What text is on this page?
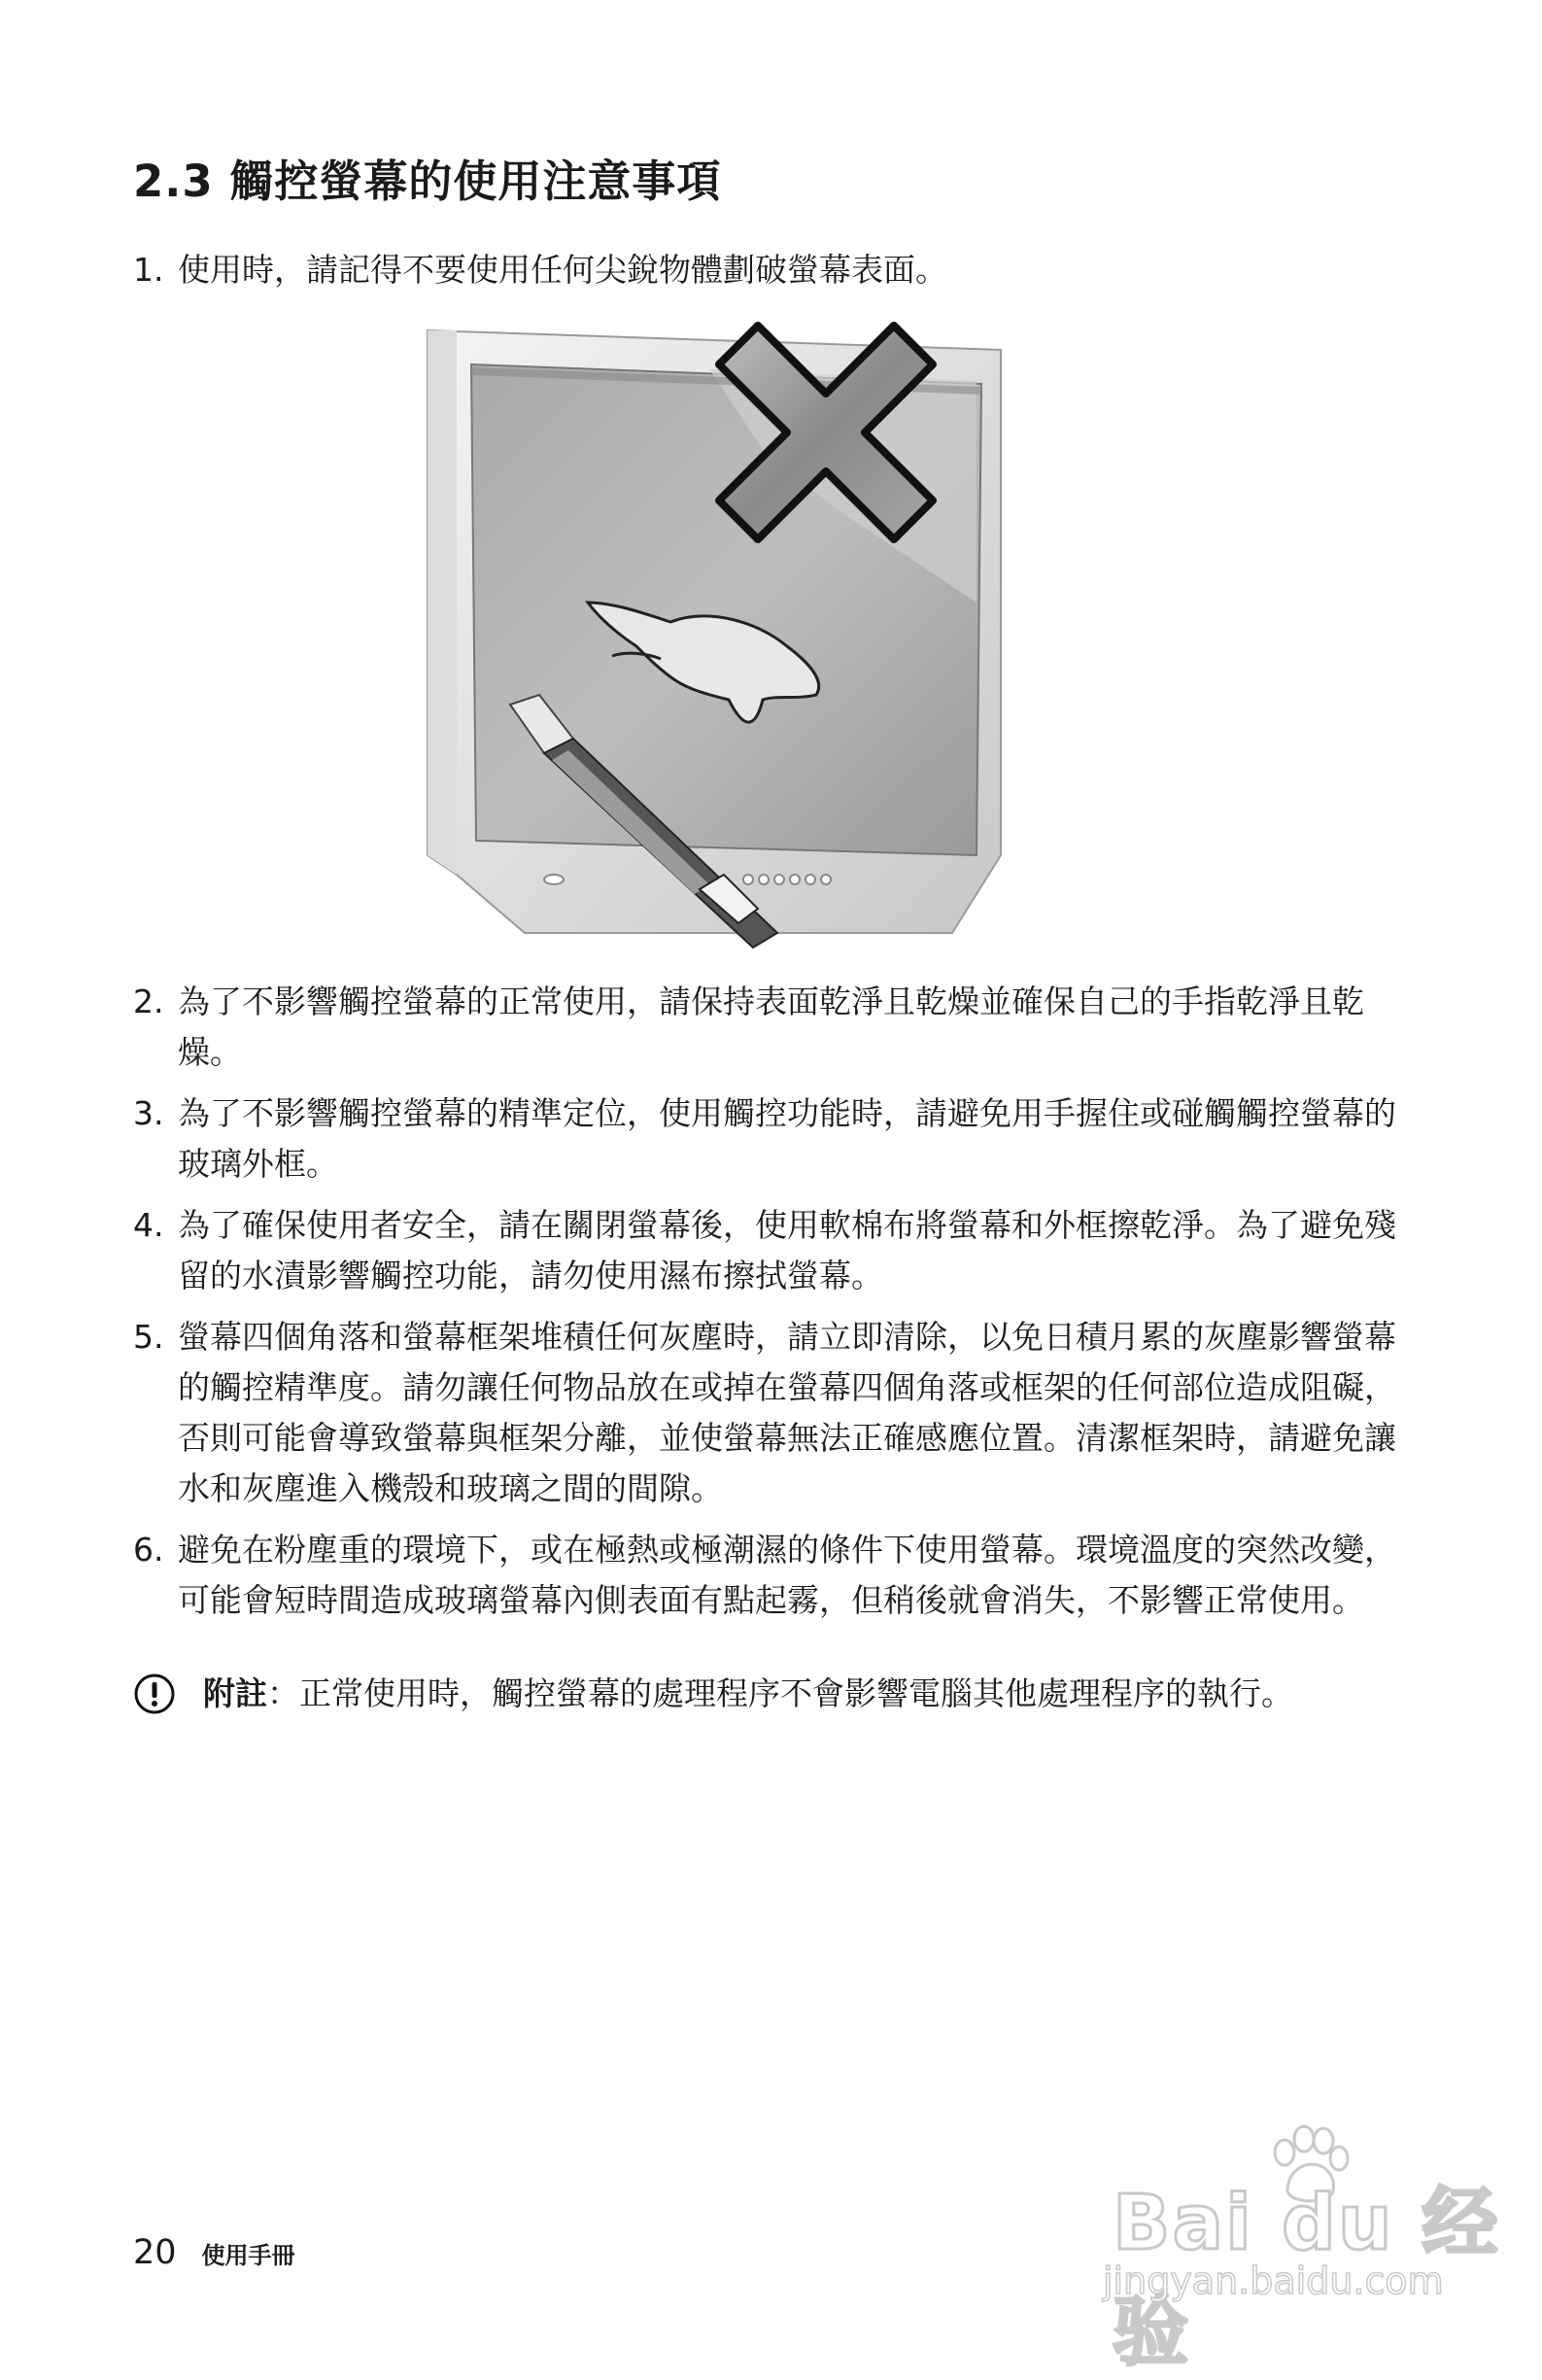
2.3 觸控螢幕的使用注意事項
1. 使用時，請記得不要使用任何尖銳物體劃破螢幕表面。
2. 為了不影響觸控螢幕的正常使用，請保持表面乾淨且乾燥並確保自己的手指乾淨且乾燥。
3. 為了不影響觸控螢幕的精準定位，使用觸控功能時，請避免用手握住或碰觸觸控螢幕的玻璃外框。
4. 為了確保使用者安全，請在關閉螢幕後，使用軟棉布將螢幕和外框擦乾淨。為了避免殘留的水漬影響觸控功能，請勿使用濕布擦拭螢幕。
5. 螢幕四個角落和螢幕框架堆積任何灰塵時，請立即清除，以免日積月累的灰塵影響螢幕的觸控精準度。請勿讓任何物品放在或掉在螢幕四個角落或框架的任何部位造成阻礙，否則可能會導致螢幕與框架分離，並使螢幕無法正確感應位置。清潔框架時，請避免讓水和灰塵進入機殼和玻璃之間的間隙。
6. 避免在粉塵重的環境下，或在極熱或極潮濕的條件下使用螢幕。環境溫度的突然改變，可能會短時間造成玻璃螢幕內側表面有點起霧，但稍後就會消失，不影響正常使用。
附註：正常使用時，觸控螢幕的處理程序不會影響電腦其他處理程序的執行。
20 使用手冊	Bai du 经验
jingyan.baidu.com
